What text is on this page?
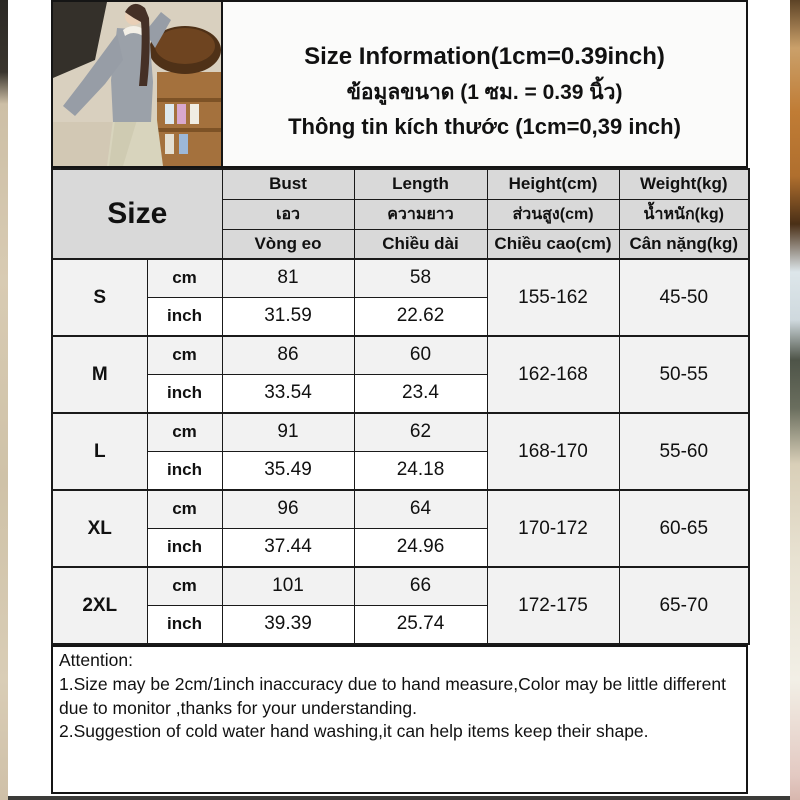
Size Information(1cm=0.39inch)
ข้อมูลขนาด (1 ซม. = 0.39 นิ้ว)
Thông tin kích thước (1cm=0,39 inch)
Size		Bust	Length	Height(cm)	Weight(kg)
		เอว	ความยาว	ส่วนสูง(cm)	น้ำหนัก(kg)
		Vòng eo	Chiều dài	Chiều cao(cm)	Cân nặng(kg)
S	cm	81	58	155-162	45-50
	inch	31.59	22.62		
M	cm	86	60	162-168	50-55
	inch	33.54	23.4		
L	cm	91	62	168-170	55-60
	inch	35.49	24.18		
XL	cm	96	64	170-172	60-65
	inch	37.44	24.96		
2XL	cm	101	66	172-175	65-70
	inch	39.39	25.74		

Attention:

1.Size may be 2cm/1inch inaccuracy due to hand measure,Color may be little different due to monitor ,thanks for your understanding.

2.Suggestion of cold water hand washing,it can help items keep their shape.
